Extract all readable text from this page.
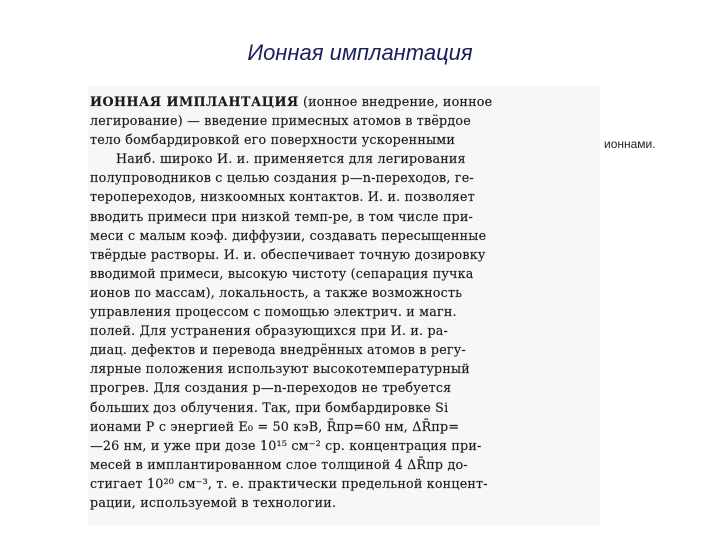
Ионная имплантация
ИОННАЯ ИМПЛАНТАЦИЯ (ионное внедрение, ионное
легирование) — введение примесных атомов в твёрдое
тело бомбардировкой его поверхности ускоренными
Наиб. широко И. и. применяется для легирования
полупроводников с целью создания p—n-переходов, ге-
тeропереходов, низкоомных контактов. И. и. позволяет
вводить примеси при низкой темп-ре, в том числе при-
меси с малым коэф. диффузии, создавать пересыщенные
твёрдые растворы. И. и. обеспечивает точную дозировку
вводимой примеси, высокую чистоту (сепарация пучка
ионов по массам), локальность, а также возможность
управления процессом с помощью электрич. и магн.
полей. Для устранения образующихся при И. и. ра-
диац. дефектов и перевода внедрённых атомов в регу-
лярные положения используют высокотемпературный
прогрев. Для создания p—n-переходов не требуется
больших доз облучения. Так, при бомбардировке Si
ионами P с энергией E₀ = 50 кэВ, R̄пр=60 нм, ΔR̄пр=
—26 нм, и уже при дозе 10¹⁵ см⁻² ср. концентрация при-
месей в имплантированном слое толщиной 4 ΔR̄пр до-
стигает 10²⁰ см⁻³, т. е. практически предельной концент-
рации, используемой в технологии.
ионнами.
